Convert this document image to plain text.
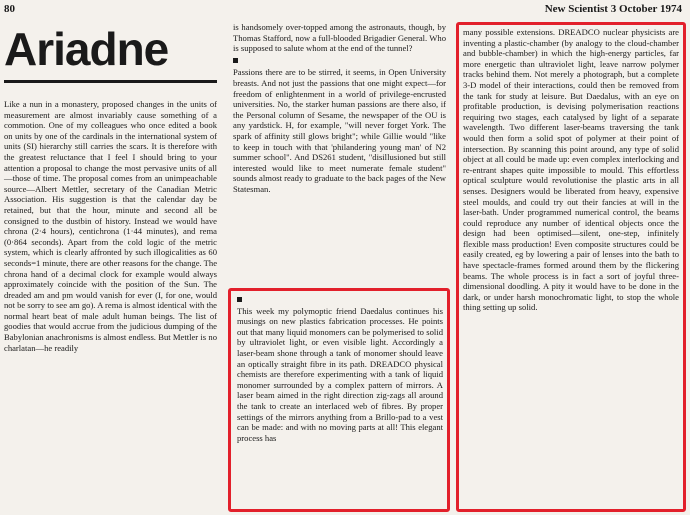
80	New Scientist 3 October 1974
Ariadne

Like a nun in a monastery, proposed changes in the units of measurement are almost invariably cause something of a commotion. One of my colleagues who once edited a book on units by one of the cardinals in the international system of units (SI) hierarchy still carries the scars. It is therefore with the greatest reluctance that I feel I should bring to your attention a proposal to change the most pervasive units of all—those of time. The proposal comes from an unimpeachable source—Albert Mettler, secretary of the Canadian Metric Association. His suggestion is that the calendar day be retained, but that the hour, minute and second all be consigned to the dustbin of history. Instead we would have chrona (2·4 hours), centichrona (1·44 minutes), and rema (0·864 seconds). Apart from the cold logic of the metric system, which is clearly affronted by such illogicalities as 60 seconds=1 minute, there are other reasons for the change. The chrona hand of a decimal clock for example would always approximately coincide with the position of the Sun. The dreaded am and pm would vanish for ever (I, for one, would not be sorry to see am go). A rema is almost identical with the normal heart beat of male adult human beings. The list of goodies that would accrue from the judicious dumping of the Babylonian anachronisms is almost endless. But Mettler is no charlatan—he readily

is handsomely over-topped among the astronauts, though, by Thomas Stafford, now a full-blooded Brigadier General. Who is supposed to salute whom at the end of the tunnel?

Passions there are to be stirred, it seems, in Open University breasts. And not just the passions that one might expect—for freedom of enlightenment in a world of privilege-encrusted universities. No, the starker human passions are there also, if the Personal column of Sesame, the newspaper of the OU is any yardstick. H, for example, "will never forget York. The spark of affinity still glows bright"; while Gillie would "like to keep in touch with that 'philandering young man' of N2 summer school". And DS261 student, "disillusioned but still interested would like to meet numerate female student" sounds almost ready to graduate to the back pages of the New Statesman.

This week my polymoptic friend Daedalus continues his musings on new plastics fabrication processes. He points out that many liquid monomers can be polymerised to solid by ultraviolet light, or even visible light. Accordingly a laser-beam shone through a tank of monomer should leave an optically straight fibre in its path. DREADCO physical chemists are therefore experimenting with a tank of liquid monomer surrounded by a complex pattern of mirrors. A laser beam aimed in the right direction zig-zags all around the tank to create an interlaced web of fibres. By proper settings of the mirrors anything from a Brillo-pad to a vest can be made: and with no moving parts at all! This elegant process has

many possible extensions. DREADCO nuclear physicists are inventing a plastic-chamber (by analogy to the cloud-chamber and bubble-chamber) in which the high-energy particles, far more energetic than ultraviolet light, leave narrow polymer tracks behind them. Not merely a photograph, but a complete 3-D model of their interactions, could then be removed from the tank for study at leisure. But Daedalus, with an eye on profitable production, is devising polymerisation reactions requiring two stages, each catalysed by light of a separate wavelength. Two different laser-beams traversing the tank would then form a solid spot of polymer at their point of intersection. By scanning this point around, any type of solid object at all could be made up: even complex interlocking and re-entrant shapes quite impossible to mould. This effortless optical sculpture would revolutionise the plastic arts in all senses. Designers would be liberated from heavy, expensive steel moulds, and could try out their fancies at will in the laser-bath. Under programmed numerical control, the beams could reproduce any number of identical objects once the design had been optimised—silent, one-step, infinitely flexible mass production! Even composite structures could be easily created, eg by lowering a pair of lenses into the bath to have spectacle-frames formed around them by the flickering beams. The whole process is in fact a sort of joyful three-dimensional doodling. A pity it would have to be done in the dark, or under harsh monochromatic light, to stop the whole thing setting up solid.
